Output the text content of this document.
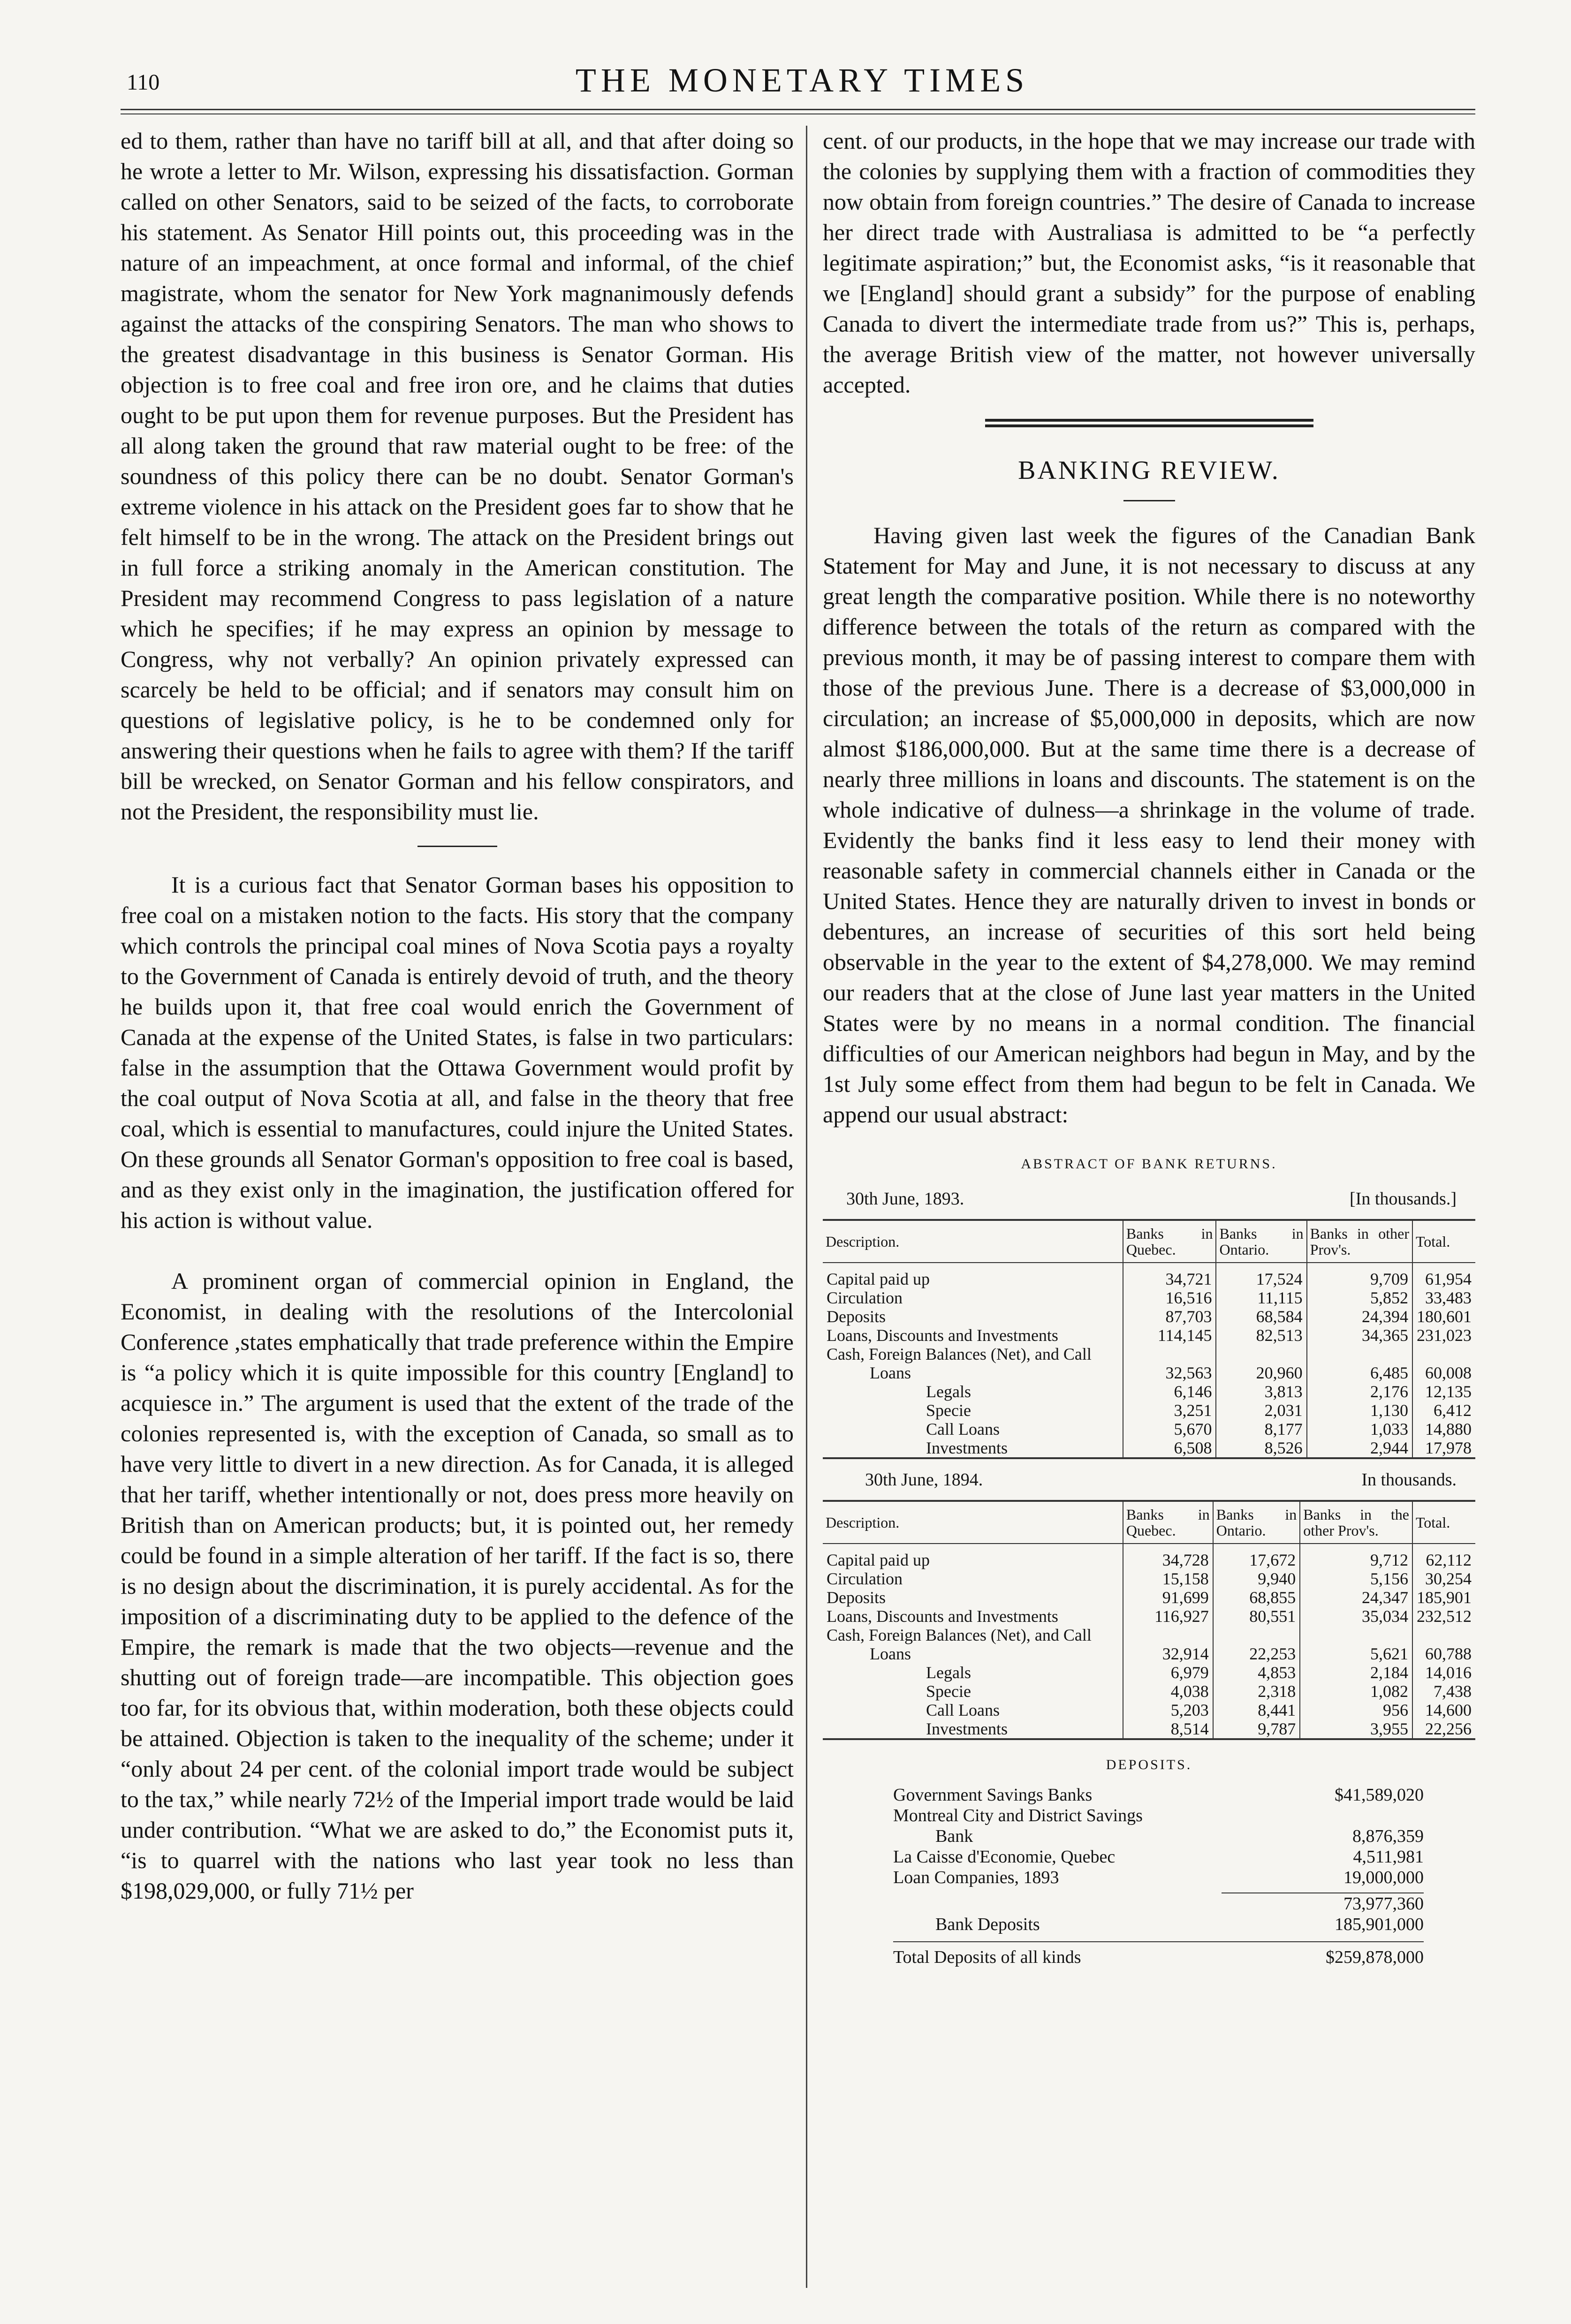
110	THE MONETARY TIMES

ed to them, rather than have no tariff bill at all, and that after doing so he wrote a letter to Mr. Wilson, expressing his dissatisfaction. Gorman called on other Senators, said to be seized of the facts, to corroborate his statement. As Senator Hill points out, this proceeding was in the nature of an impeachment, at once formal and informal, of the chief magistrate, whom the senator for New York magnanimously defends against the attacks of the conspiring Senators. The man who shows to the greatest disadvantage in this business is Senator Gorman. His objection is to free coal and free iron ore, and he claims that duties ought to be put upon them for revenue purposes. But the President has all along taken the ground that raw material ought to be free: of the soundness of this policy there can be no doubt. Senator Gorman's extreme violence in his attack on the President goes far to show that he felt himself to be in the wrong. The attack on the President brings out in full force a striking anomaly in the American constitution. The President may recommend Congress to pass legislation of a nature which he specifies; if he may express an opinion by message to Congress, why not verbally? An opinion privately expressed can scarcely be held to be official; and if senators may consult him on questions of legislative policy, is he to be condemned only for answering their questions when he fails to agree with them? If the tariff bill be wrecked, on Senator Gorman and his fellow conspirators, and not the President, the responsibility must lie.

It is a curious fact that Senator Gorman bases his opposition to free coal on a mistaken notion to the facts. His story that the company which controls the principal coal mines of Nova Scotia pays a royalty to the Government of Canada is entirely devoid of truth, and the theory he builds upon it, that free coal would enrich the Government of Canada at the expense of the United States, is false in two particulars: false in the assumption that the Ottawa Government would profit by the coal output of Nova Scotia at all, and false in the theory that free coal, which is essential to manufactures, could injure the United States. On these grounds all Senator Gorman's opposition to free coal is based, and as they exist only in the imagination, the justification offered for his action is without value.

A prominent organ of commercial opinion in England, the Economist, in dealing with the resolutions of the Intercolonial Conference ,states emphatically that trade preference within the Empire is “a policy which it is quite impossible for this country [England] to acquiesce in.” The argument is used that the extent of the trade of the colonies represented is, with the exception of Canada, so small as to have very little to divert in a new direction. As for Canada, it is alleged that her tariff, whether intentionally or not, does press more heavily on British than on American products; but, it is pointed out, her remedy could be found in a simple alteration of her tariff. If the fact is so, there is no design about the discrimination, it is purely accidental. As for the imposition of a discriminating duty to be applied to the defence of the Empire, the remark is made that the two objects—revenue and the shutting out of foreign trade—are incompatible. This objection goes too far, for its obvious that, within moderation, both these objects could be attained. Objection is taken to the inequality of the scheme; under it “only about 24 per cent. of the colonial import trade would be subject to the tax,” while nearly 72½ of the Imperial import trade would be laid under contribution. “What we are asked to do,” the Economist puts it, “is to quarrel with the nations who last year took no less than $198,029,000, or fully 71½ per

cent. of our products, in the hope that we may increase our trade with the colonies by supplying them with a fraction of commodities they now obtain from foreign countries.” The desire of Canada to increase her direct trade with Australiasa is admitted to be “a perfectly legitimate aspiration;” but, the Economist asks, “is it reasonable that we [England] should grant a subsidy” for the purpose of enabling Canada to divert the intermediate trade from us?” This is, perhaps, the average British view of the matter, not however universally accepted.

BANKING REVIEW.

Having given last week the figures of the Canadian Bank Statement for May and June, it is not necessary to discuss at any great length the comparative position. While there is no noteworthy difference between the totals of the return as compared with the previous month, it may be of passing interest to compare them with those of the previous June. There is a decrease of $3,000,000 in circulation; an increase of $5,000,000 in deposits, which are now almost $186,000,000. But at the same time there is a decrease of nearly three millions in loans and discounts. The statement is on the whole indicative of dulness—a shrinkage in the volume of trade. Evidently the banks find it less easy to lend their money with reasonable safety in commercial channels either in Canada or the United States. Hence they are naturally driven to invest in bonds or debentures, an increase of securities of this sort held being observable in the year to the extent of $4,278,000. We may remind our readers that at the close of June last year matters in the United States were by no means in a normal condition. The financial difficulties of our American neighbors had begun in May, and by the 1st July some effect from them had begun to be felt in Canada. We append our usual abstract:

ABSTRACT OF BANK RETURNS.
30th June, 1893.	[In thousands.]
Description.	Banks in Quebec.	Banks in Ontario.	Banks in other Prov's.	Total.
Capital paid up	34,721	17,524	9,709	61,954
Circulation	16,516	11,115	5,852	33,483
Deposits	87,703	68,584	24,394	180,601
Loans, Discounts and Investments	114,145	82,513	34,365	231,023
Cash, Foreign Balances (Net), and Call				
Loans	32,563	20,960	6,485	60,008
Legals	6,146	3,813	2,176	12,135
Specie	3,251	2,031	1,130	6,412
Call Loans	5,670	8,177	1,033	14,880
Investments	6,508	8,526	2,944	17,978
30th June, 1894.	In thousands.
Description.	Banks in Quebec.	Banks in Ontario.	Banks in the other Prov's.	Total.
Capital paid up	34,728	17,672	9,712	62,112
Circulation	15,158	9,940	5,156	30,254
Deposits	91,699	68,855	24,347	185,901
Loans, Discounts and Investments	116,927	80,551	35,034	232,512
Cash, Foreign Balances (Net), and Call				
Loans	32,914	22,253	5,621	60,788
Legals	6,979	4,853	2,184	14,016
Specie	4,038	2,318	1,082	7,438
Call Loans	5,203	8,441	956	14,600
Investments	8,514	9,787	3,955	22,256
DEPOSITS.
Government Savings Banks	$41,589,020
Montreal City and District Savings
Bank	8,876,359
La Caisse d'Economie, Quebec	4,511,981
Loan Companies, 1893	19,000,000
73,977,360
Bank Deposits	185,901,000
Total Deposits of all kinds	$259,878,000
